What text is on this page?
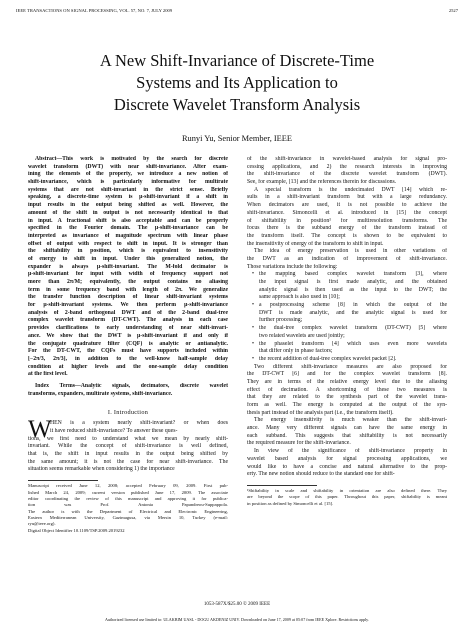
IEEE TRANSACTIONS ON SIGNAL PROCESSING, VOL. 57, NO. 7, JULY 2009	2527
A New Shift-Invariance of Discrete-Time
Systems and Its Application to
Discrete Wavelet Transform Analysis
Runyi Yu, Senior Member, IEEE
Abstract—This work is motivated by the search for discrete
wavelet transform (DWT) with near shift-invariance. After exam-
ining the elements of the property, we introduce a new notion of
shift-invariance, which is particularly informative for multirate
systems that are not shift-invariant in the strict sense. Briefly
speaking, a discrete-time system is μ-shift-invariant if a shift in
input results in the output being shifted as well. However, the
amount of the shift in output is not necessarily identical to that
in input. A fractional shift is also acceptable and can be properly
specified in the Fourier domain. The μ-shift-invariance can be
interpreted as invariance of magnitude spectrum with linear phase
offset of output with respect to shift in input. It is stronger than
the shiftability in position, which is equivalent to insensitivity
of energy to shift in input. Under this generalized notion, the
expander is always μ-shift-invariant. The M-fold decimator is
μ-shift-invariant for input with width of frequency support not
more than 2π/M; equivalently, the output contains no aliasing
term in some frequency band with length of 2π. We generalize
the transfer function description of linear shift-invariant systems
for μ-shift-invariant systems. We then perform μ-shift-invariance
analysis of 2-band orthogonal DWT and of the 2-band dual-tree
complex wavelet transform (DT-CWT). The analysis in each case
provides clarifications to early understanding of near shift-invari-
ance. We show that the DWT is μ-shift-invariant if and only if
the conjugate quadrature filter (CQF) is analytic or antianalytic.
For the DT-CWT, the CQFs must have supports included within
[−2π/3, 2π/3], in addition to the well-know half-sample delay
condition at higher levels and the one-sample delay condition
at the first level.
Index Terms—Analytic signals, decimators, discrete wavelet
transforms, expanders, multirate systems, shift-invariance.
I. Introduction
W
HEN is a system nearly shift-invariant? or when does
it have reduced shift-invariance? To answer these ques-
tions, we first need to understand what we mean by nearly shift-
invariant. While the concept of shift-invariance is well defined,
that is, the shift in input results in the output being shifted by
the same amount; it is not the case for near shift-invariance. The
situation seems remarkable when considering 1) the importance
Manuscript received June 12, 2008; accepted February 09, 2009. First pub-
lished March 24, 2009; current version published June 17, 2009. The associate
editor coordinating the review of this manuscript and approving it for publica-
tion was Prof. Antonia Papandreou-Suppappola.
The author is with the Department of Electrical and Electronic Engineering,
Eastern Mediterranean University, Gazimagusa, via Mersin 10, Turkey (e-mail:
ryu@ieee.org).
Digital Object Identifier 10.1109/TSP.2009.2019232
of the shift-invariance in wavelet-based analysis for signal pro-
cessing applications, and 2) the research interests in improving
the shift-invariance of the discrete wavelet transform (DWT).
See, for example, [13] and the references therein for discussions.
A special transform is the undecimated DWT [14] which re-
sults in a shift-invariant transform but with a large redundancy.
When decimators are used, it is not possible to achieve the
shift-invariance. Simoncelli et al. introduced in [15] the concept
of shiftability in position¹ for multiresolution transforms. The
focus there is the subband energy of the transform instead of
the transform itself. The concept is shown to be equivalent to
the insensitivity of energy of the transform to shift in input.
The idea of energy preservation is used in other variations of
the DWT as an indication of improvement of shift-invariance.
Those variations include the following:
• the mapping based complex wavelet transform [3], where
the input signal is first made analytic, and the obtained
analytic signal is then used as the input to the DWT; the
same approach is also used in [10];
• a postprocessing scheme [8] in which the output of the
DWT is made analytic, and the analytic signal is used for
further processing;
• the dual-tree complex wavelet transform (DT-CWT) [5] where
two related wavelets are used jointly;
• the phaselet transform [4] which uses even more wavelets
that differ only in phase factors;
• the recent addition of dual-tree complex wavelet packet [2].
Two different shift-invariance measures are also proposed for
the DT-CWT [6] and for the complex wavelet transform [8].
They are in terms of the relative energy level due to the aliasing
effect of decimation. A shortcoming of these two measures is
that they are related to the synthesis part of the wavelet trans-
form as well. The energy is computed at the output of the syn-
thesis part instead of the analysis part (i.e., the transform itself).
The energy insensitivity is much weaker than the shift-invari-
ance. Many very different signals can have the same energy in
each subband. This suggests that shiftability is not necessarily
the required measure for the shift-invariance.
In view of the significance of shift-invariance property in
wavelet based analysis for signal processing applications, we
would like to have a concise and natural alternative to the prop-
erty. The new notion should reduce to the standard one for shift-
¹Shiftability in scale and shiftability in orientation are also defined there. They
are beyond the scope of this paper. Throughout this paper, shiftability is meant
in position as defined by Simoncelli et al. [15].
1053-587X/$25.00 © 2009 IEEE
Authorized licensed use limited to: ULAKBIM UASL - DOGU AKDENIZ UNIV. Downloaded on June 17, 2009 at 05:07 from IEEE Xplore. Restrictions apply.
